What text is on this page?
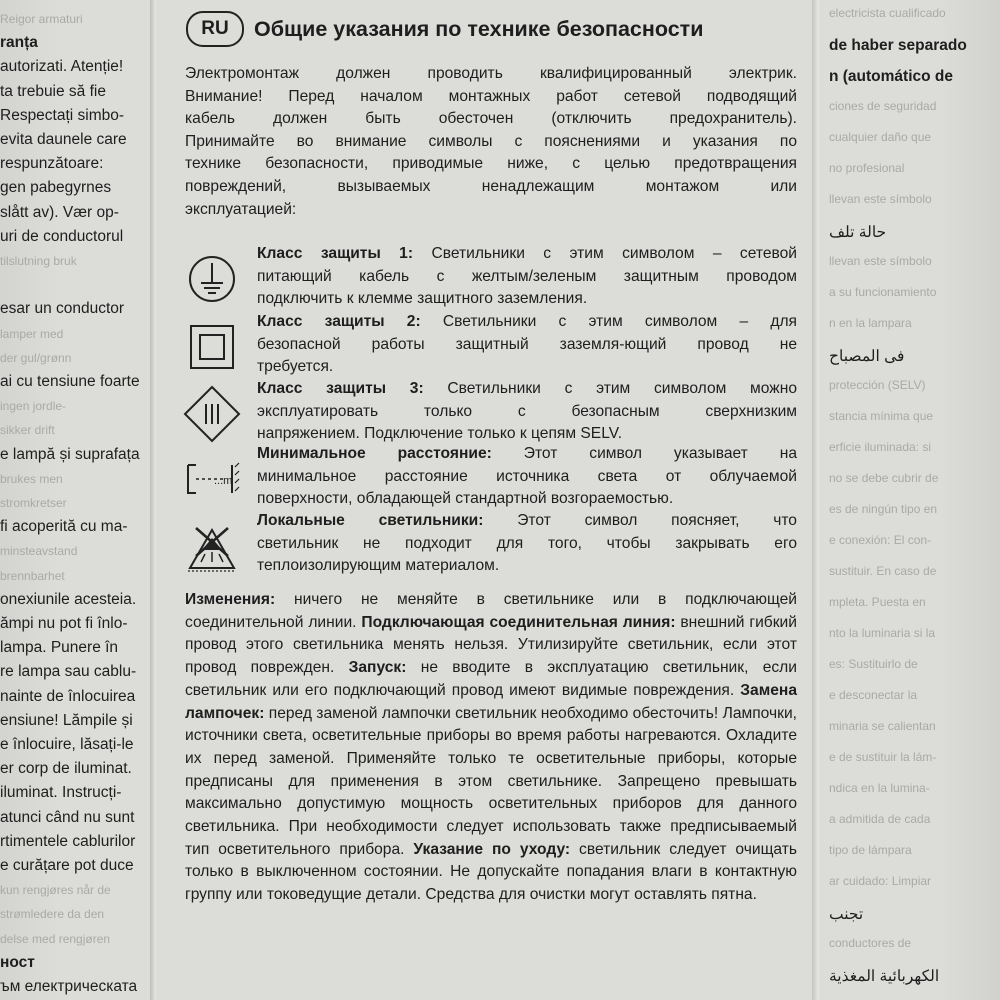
Reigor armaturi
ranța
autorizati. Atenție!
ta trebuie să fie
Respectați simbo-
evita daunele care
respunzătoare:
gen pabegyrnes
slått av). Vær op-
uri de conductorul
tilslutning bruk
esar un conductor
lamper med
der gul/grønn
ai cu tensiune foarte
ingen jordle-
sikker drift
e lampă și suprafața
brukes men
stromkretser
fi acoperită cu ma-
minsteavstand
brennbarhet
onexiunile acesteia.
ămpi nu pot fi înlo-
lampa. Punere în
re lampa sau cablu-
nainte de înlocuirea
ensiune! Lămpile și
e înlocuire, lăsați-le
er corp de iluminat.
iluminat. Instrucți-
atunci când nu sunt
rtimentele cablurilor
e curățare pot duce
kun rengjøres når de
strømledere da den
delse med rengjøren
ност
ъм електрическата
RU	Общие указания по технике безопасности
Электромонтаж должен проводить квалифицированный электрик.
Внимание! Перед началом монтажных работ сетевой подводящий
кабель должен быть обесточен (отключить предохранитель).
Принимайте во внимание символы с пояснениями и указания по
технике безопасности, приводимые ниже, с целью предотвращения
повреждений, вызываемых ненадлежащим монтажом или
эксплуатацией:
Класс защиты 1: Светильники с этим символом – сетевой
питающий кабель с желтым/зеленым защитным проводом
подключить к клемме защитного заземления.
Класс защиты 2: Светильники с этим символом – для
безопасной работы защитный заземля-ющий провод не
требуется.
Класс защиты 3: Светильники с этим символом можно
эксплуатировать только с безопасным сверхнизким
напряжением. Подключение только к цепям SELV.
...m
Минимальное расстояние: Этот символ указывает на
минимальное расстояние источника света от облучаемой
поверхности, обладающей стандартной возгораемостью.
Локальные светильники: Этот символ поясняет, что
светильник не подходит для того, чтобы закрывать его
теплоизолирующим материалом.
Изменения: ничего не меняйте в светильнике или в подключающей соединительной линии. Подключающая соединительная линия: внешний гибкий провод этого светильника менять нельзя. Утилизируйте светильник, если этот провод поврежден. Запуск: не вводите в эксплуатацию светильник, если светильник или его подключающий провод имеют видимые повреждения. Замена лампочек: перед заменой лампочки светильник необходимо обесточить! Лампочки, источники света, осветительные приборы во время работы нагреваются. Охладите их перед заменой. Применяйте только те осветительные приборы, которые предписаны для применения в этом светильнике. Запрещено превышать максимально допустимую мощность осветительных приборов для данного светильника. При необходимости следует использовать также предписываемый тип осветительного прибора. Указание по уходу: светильник следует очищать только в выключенном состоянии. Не допускайте попадания влаги в контактную группу или токоведущие детали. Средства для очистки могут оставлять пятна.
electricista cualificado
de haber separado
n (automático de
ciones de seguridad
cualquier daño que
no profesional
llevan este símbolo
حالة تلف
llevan este símbolo
a su funcionamiento
n en la lampara
فى المصباح
protección (SELV)
stancia mínima que
erficie iluminada: si
no se debe cubrir de
es de ningún tipo en
e conexión: El con-
sustituir. En caso de
mpleta. Puesta en
nto la luminaria si la
es: Sustituirlo de
e desconectar la
minaria se calientan
e de sustituir la lám-
ndica en la lumina-
a admitida de cada
tipo de lámpara
ar cuidado: Limpiar
تجنب
conductores de
الكهربائية المغذية
